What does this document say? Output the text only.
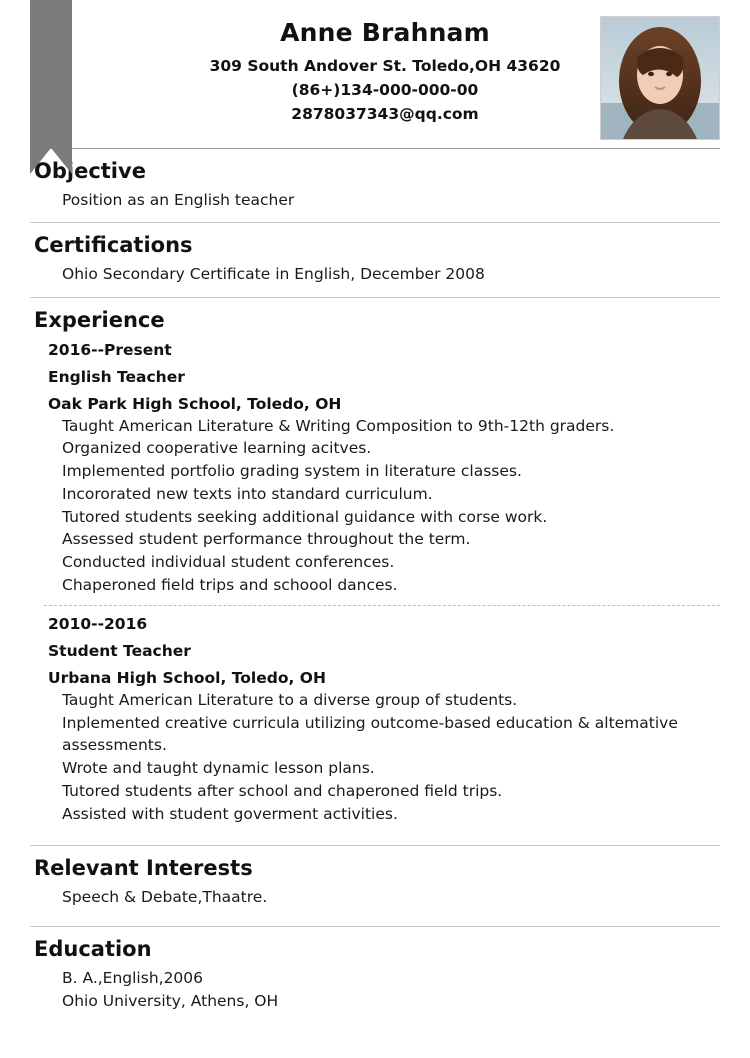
Anne Brahnam
309 South Andover St. Toledo,OH 43620
(86+)134-000-000-00
2878037343@qq.com
Objective
Position as an English teacher
Certifications
Ohio Secondary Certificate in English, December 2008
Experience
2016--Present
English Teacher
Oak Park High School, Toledo, OH
Taught American Literature & Writing Composition to 9th-12th graders.
Organized cooperative learning acitves.
Implemented portfolio grading system in literature classes.
Incororated new texts into standard curriculum.
Tutored students seeking additional guidance with corse work.
Assessed student performance throughout the term.
Conducted individual student conferences.
Chaperoned field trips and schoool dances.
2010--2016
Student Teacher
Urbana High School, Toledo, OH
Taught American Literature to a diverse group of students.
Inplemented creative curricula utilizing outcome-based education & altemative assessments.
Wrote and taught dynamic lesson plans.
Tutored students after school and chaperoned field trips.
Assisted with student goverment activities.
Relevant Interests
Speech & Debate,Thaatre.
Education
B. A.,English,2006
Ohio University, Athens, OH
